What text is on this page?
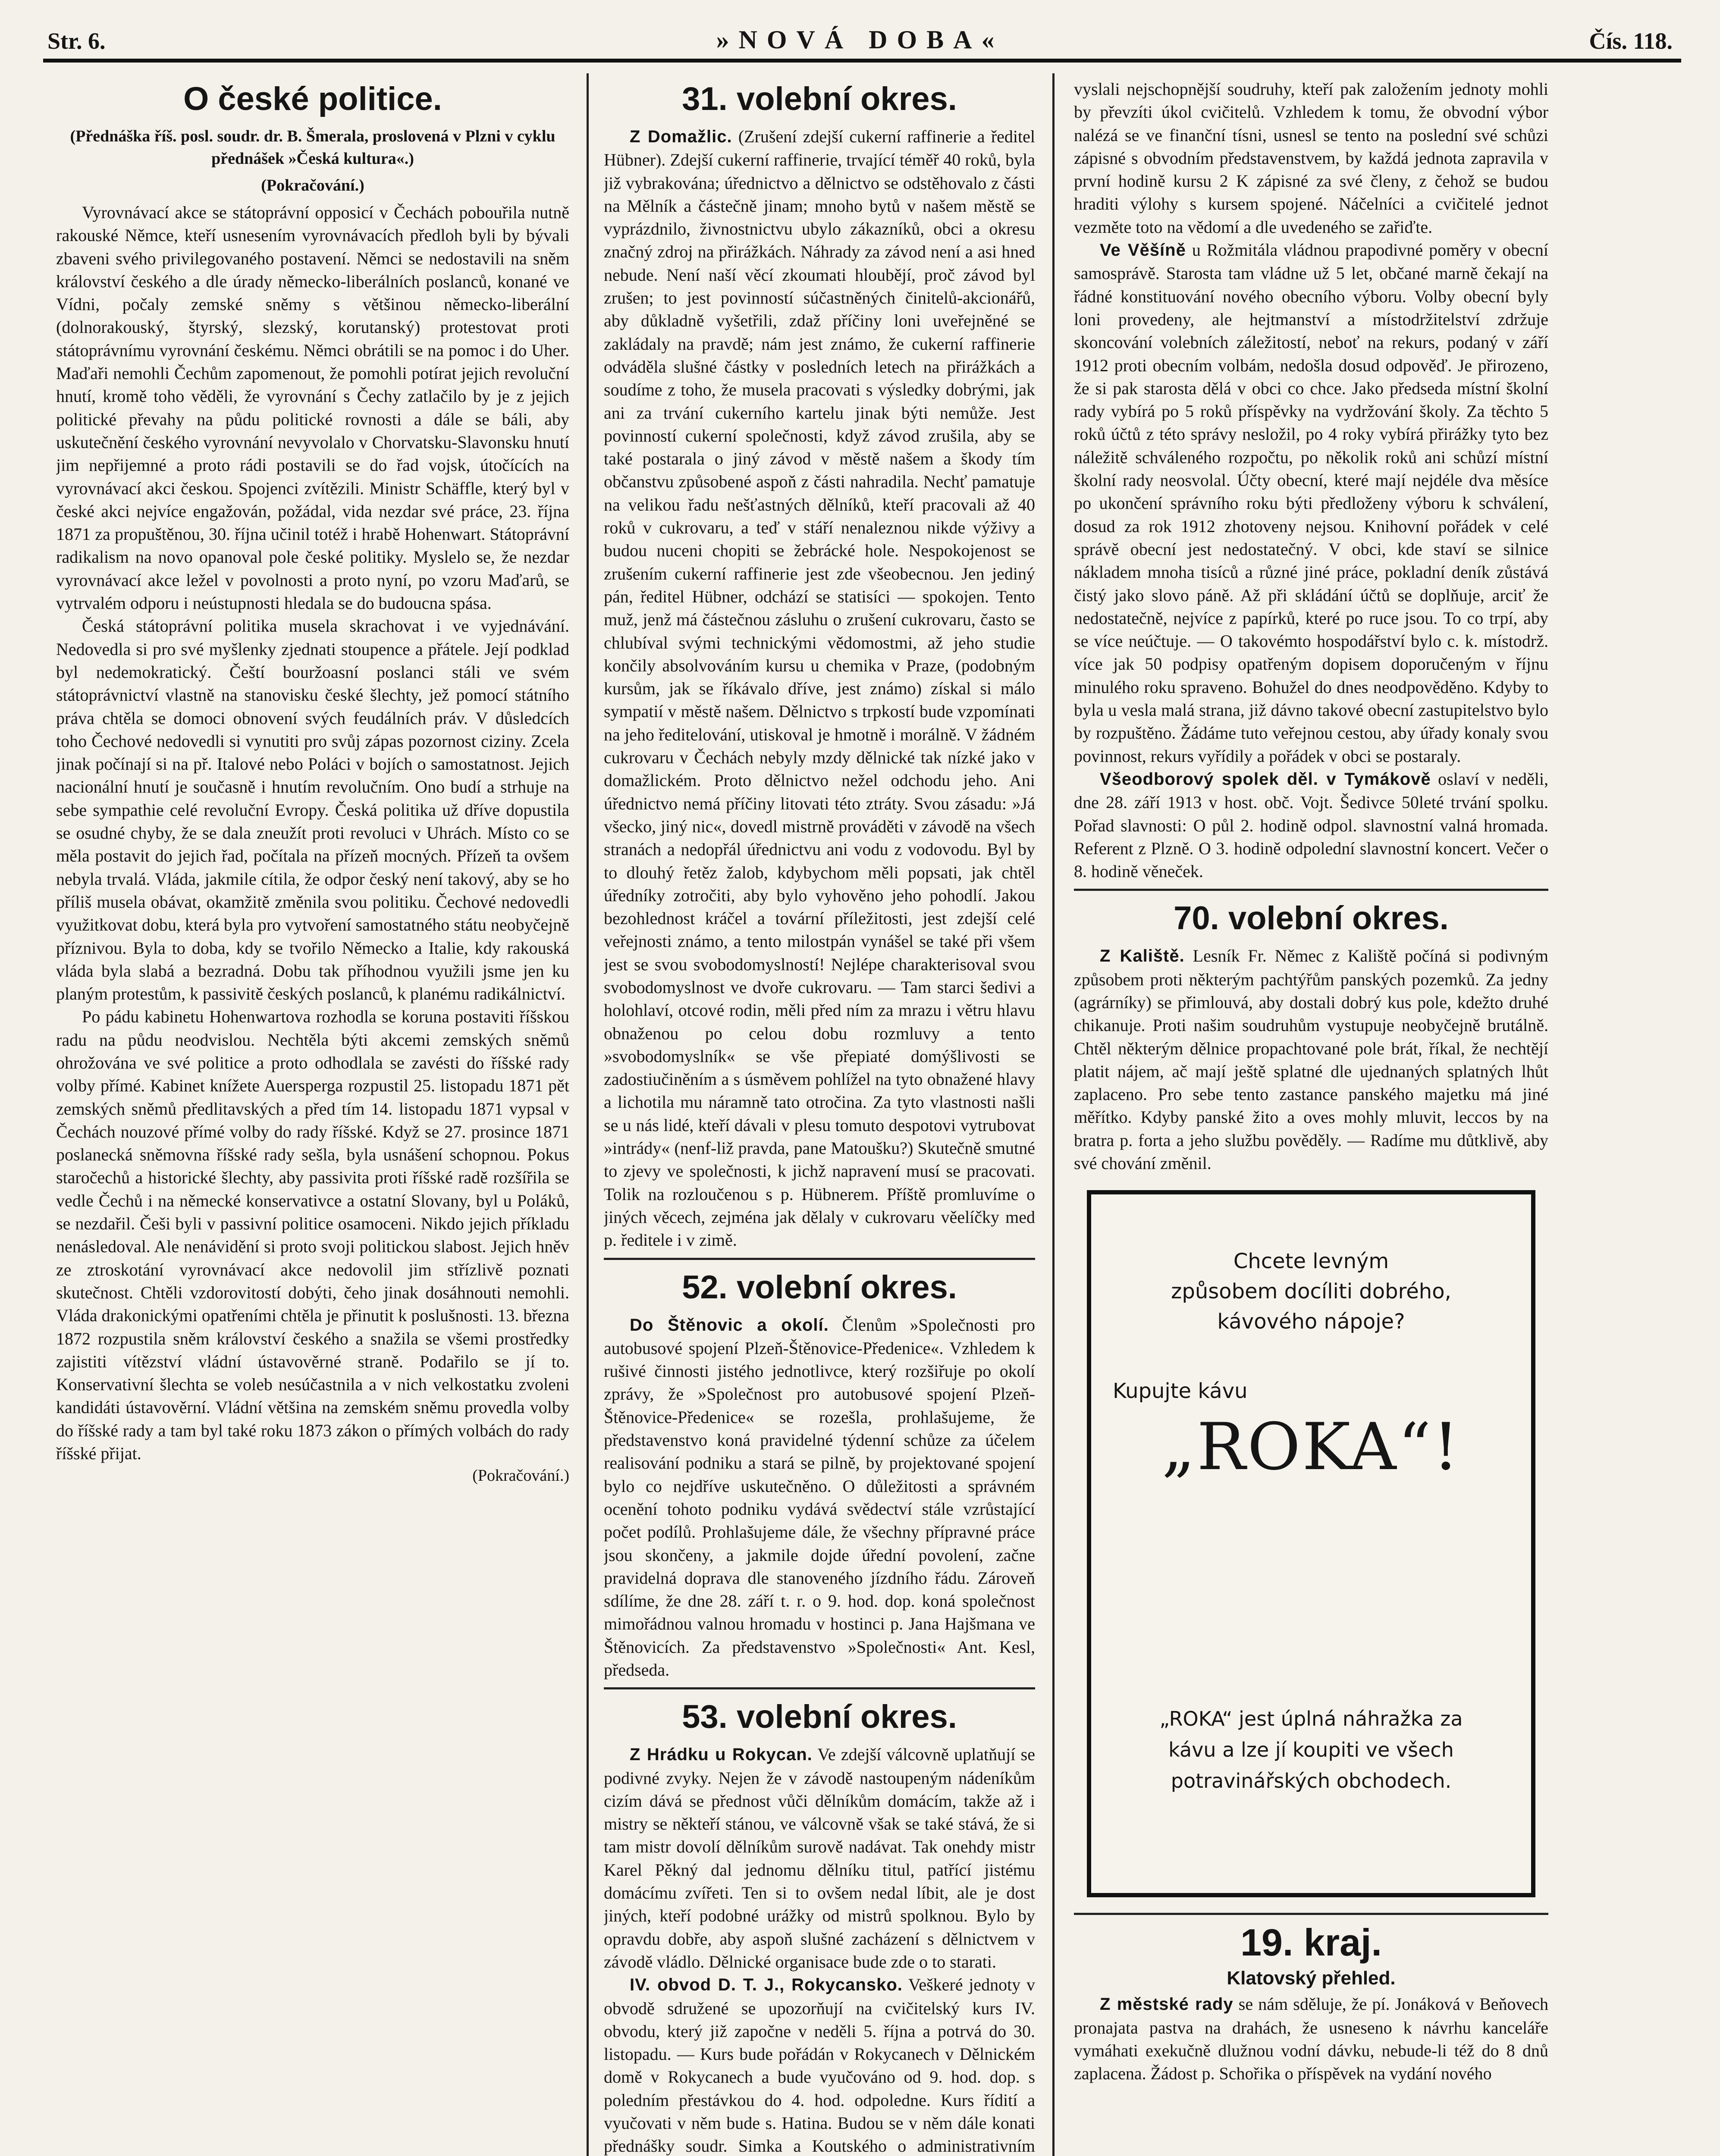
Str. 6.	»NOVÁ DOBA«	Čís. 118.
O české politice.
(Přednáška říš. posl. soudr. dr. B. Šmerala, proslovená v Plzni v cyklu přednášek »Česká kultura«.)
(Pokračování.)

Vyrovnávací akce se státoprávní opposicí v Čechách pobouřila nutně rakouské Němce, kteří usnesením vyrovnávacích předloh byli by bývali zbaveni svého privilegovaného postavení. Němci se nedostavili na sněm království českého a dle úrady německo-liberálních poslanců, konané ve Vídni, počaly zemské sněmy s většinou německo-liberální (dolnorakouský, štyrský, slezský, korutanský) protestovat proti státoprávnímu vyrovnání českému. Němci obrátili se na pomoc i do Uher. Maďaři nemohli Čechům zapomenout, že pomohli potírat jejich revoluční hnutí, kromě toho věděli, že vyrovnání s Čechy zatlačilo by je z jejich politické převahy na půdu politické rovnosti a dále se báli, aby uskutečnění českého vyrovnání nevyvolalo v Chorvatsku-Slavonsku hnutí jim nepřijemné a proto rádi postavili se do řad vojsk, útočících na vyrovnávací akci českou. Spojenci zvítězili. Ministr Schäffle, který byl v české akci nejvíce engažován, požádal, vida nezdar své práce, 23. října 1871 za propuštěnou, 30. října učinil totéž i hrabě Hohenwart. Státoprávní radikalism na novo opanoval pole české politiky. Myslelo se, že nezdar vyrovnávací akce ležel v povolnosti a proto nyní, po vzoru Maďarů, se vytrvalém odporu i neústupnosti hledala se do budoucna spása.

Česká státoprávní politika musela skrachovat i ve vyjednávání. Nedovedla si pro své myšlenky zjednati stoupence a přátele. Její podklad byl nedemokratický. Čeští bouržoasní poslanci stáli ve svém státoprávnictví vlastně na stanovisku české šlechty, jež pomocí státního práva chtěla se domoci obnovení svých feudálních práv. V důsledcích toho Čechové nedovedli si vynutiti pro svůj zápas pozornost ciziny. Zcela jinak počínají si na př. Italové nebo Poláci v bojích o samostatnost. Jejich nacionální hnutí je současně i hnutím revolučním. Ono budí a strhuje na sebe sympathie celé revoluční Evropy. Česká politika už dříve dopustila se osudné chyby, že se dala zneužít proti revoluci v Uhrách. Místo co se měla postavit do jejich řad, počítala na přízeň mocných. Přízeň ta ovšem nebyla trvalá. Vláda, jakmile cítila, že odpor český není takový, aby se ho příliš musela obávat, okamžitě změnila svou politiku. Čechové nedovedli využitkovat dobu, která byla pro vytvoření samostatného státu neobyčejně příznivou. Byla to doba, kdy se tvořilo Německo a Italie, kdy rakouská vláda byla slabá a bezradná. Dobu tak příhodnou využili jsme jen ku planým protestům, k passivitě českých poslanců, k planému radikálnictví.

Po pádu kabinetu Hohenwartova rozhodla se koruna postaviti říšskou radu na půdu neodvislou. Nechtěla býti akcemi zemských sněmů ohrožována ve své politice a proto odhodlala se zavésti do říšské rady volby přímé. Kabinet knížete Auersperga rozpustil 25. listopadu 1871 pět zemských sněmů předlitavských a před tím 14. listopadu 1871 vypsal v Čechách nouzové přímé volby do rady říšské. Když se 27. prosince 1871 poslanecká sněmovna říšské rady sešla, byla usnášení schopnou. Pokus staročechů a historické šlechty, aby passivita proti říšské radě rozšířila se vedle Čechů i na německé konservativce a ostatní Slovany, byl u Poláků, se nezdařil. Češi byli v passivní politice osamoceni. Nikdo jejich příkladu nenásledoval. Ale nenávidění si proto svoji politickou slabost. Jejich hněv ze ztroskotání vyrovnávací akce nedovolil jim střízlivě poznati skutečnost. Chtěli vzdorovitostí dobýti, čeho jinak dosáhnouti nemohli. Vláda drakonickými opatřeními chtěla je přinutit k poslušnosti. 13. března 1872 rozpustila sněm království českého a snažila se všemi prostředky zajistiti vítězství vládní ústavověrné straně. Podařilo se jí to. Konservativní šlechta se voleb nesúčastnila a v nich velkostatku zvoleni kandidáti ústavověrní. Vládní většina na zemském sněmu provedla volby do říšské rady a tam byl také roku 1873 zákon o přímých volbách do rady říšské přijat.

(Pokračování.)
31. volební okres.

Z Domažlic. (Zrušení zdejší cukerní raffinerie a ředitel Hübner). Zdejší cukerní raffinerie, trvající téměř 40 roků, byla již vybrakována; úřednictvo a dělnictvo se odstěhovalo z části na Mělník a částečně jinam; mnoho bytů v našem městě se vyprázdnilo, živnostnictvu ubylo zákazníků, obci a okresu značný zdroj na přirážkách. Náhrady za závod není a asi hned nebude. Není naší věcí zkoumati hloubějí, proč závod byl zrušen; to jest povinností súčastněných činitelů-akcionářů, aby důkladně vyšetřili, zdaž příčiny loni uveřejněné se zakládaly na pravdě; nám jest známo, že cukerní raffinerie odváděla slušné částky v posledních letech na přirážkách a soudíme z toho, že musela pracovati s výsledky dobrými, jak ani za trvání cukerního kartelu jinak býti nemůže. Jest povinností cukerní společnosti, když závod zrušila, aby se také postarala o jiný závod v městě našem a škody tím občanstvu způsobené aspoň z části nahradila. Nechť pamatuje na velikou řadu nešťastných dělníků, kteří pracovali až 40 roků v cukrovaru, a teď v stáří nenaleznou nikde výživy a budou nuceni chopiti se žebrácké hole. Nespokojenost se zrušením cukerní raffinerie jest zde všeobecnou. Jen jediný pán, ředitel Hübner, odchází se statisíci — spokojen. Tento muž, jenž má částečnou zásluhu o zrušení cukrovaru, často se chlubíval svými technickými vědomostmi, až jeho studie končily absolvováním kursu u chemika v Praze, (podobným kursům, jak se říkávalo dříve, jest známo) získal si málo sympatií v městě našem. Dělnictvo s trpkostí bude vzpomínati na jeho ředitelování, utiskoval je hmotně i morálně. V žádném cukrovaru v Čechách nebyly mzdy dělnické tak nízké jako v domažlickém. Proto dělnictvo nežel odchodu jeho. Ani úřednictvo nemá příčiny litovati této ztráty. Svou zásadu: »Já všecko, jiný nic«, dovedl mistrně prováděti v závodě na všech stranách a nedopřál úřednictvu ani vodu z vodovodu. Byl by to dlouhý řetěz žalob, kdybychom měli popsati, jak chtěl úředníky zotročiti, aby bylo vyhověno jeho pohodlí. Jakou bezohlednost kráčel a tovární příležitosti, jest zdejší celé veřejnosti známo, a tento milostpán vynášel se také při všem jest se svou svobodomyslností! Nejlépe charakterisoval svou svobodomyslnost ve dvoře cukrovaru. — Tam starci šedivi a holohlaví, otcové rodin, měli před ním za mrazu i větru hlavu obnaženou po celou dobu rozmluvy a tento »svobodomyslník« se vše přepiaté domýšlivosti se zadostiučiněním a s úsměvem pohlížel na tyto obnažené hlavy a lichotila mu náramně tato otročina. Za tyto vlastnosti našli se u nás lidé, kteří dávali v plesu tomuto despotovi vytrubovat »intrády« (nenf-liž pravda, pane Matoušku?) Skutečně smutné to zjevy ve společnosti, k jichž napravení musí se pracovati. Tolik na rozloučenou s p. Hübnerem. Příště promluvíme o jiných věcech, zejména jak dělaly v cukrovaru věelíčky med p. ředitele i v zimě.

52. volební okres.

Do Štěnovic a okolí. Členům »Společnosti pro autobusové spojení Plzeň-Štěnovice-Předenice«. Vzhledem k rušivé činnosti jistého jednotlivce, který rozšiřuje po okolí zprávy, že »Společnost pro autobusové spojení Plzeň-Štěnovice-Předenice« se rozešla, prohlašujeme, že představenstvo koná pravidelné týdenní schůze za účelem realisování podniku a stará se pilně, by projektované spojení bylo co nejdříve uskutečněno. O důležitosti a správném ocenění tohoto podniku vydává svědectví stále vzrůstající počet podílů. Prohlašujeme dále, že všechny přípravné práce jsou skončeny, a jakmile dojde úřední povolení, začne pravidelná doprava dle stanoveného jízdního řádu. Zároveň sdílíme, že dne 28. září t. r. o 9. hod. dop. koná společnost mimořádnou valnou hromadu v hostinci p. Jana Hajšmana ve Štěnovicích. Za představenstvo »Společnosti« Ant. Kesl, předseda.

53. volební okres.

Z Hrádku u Rokycan. Ve zdejší válcovně uplatňují se podivné zvyky. Nejen že v závodě nastoupeným nádeníkům cizím dává se přednost vůči dělníkům domácím, takže až i mistry se někteří stánou, ve válcovně však se také stává, že si tam mistr dovolí dělníkům surově nadávat. Tak onehdy mistr Karel Pěkný dal jednomu dělníku titul, patřící jistému domácímu zvířeti. Ten si to ovšem nedal líbit, ale je dost jiných, kteří podobné urážky od mistrů spolknou. Bylo by opravdu dobře, aby aspoň slušné zacházení s dělnictvem v závodě vládlo. Dělnické organisace bude zde o to starati.

IV. obvod D. T. J., Rokycansko. Veškeré jednoty v obvodě sdružené se upozorňují na cvičitelský kurs IV. obvodu, který již započne v neděli 5. října a potrvá do 30. listopadu. — Kurs bude pořádán v Rokycanech v Dělnickém domě v Rokycanech a bude vyučováno od 9. hod. dop. s poledním přestávkou do 4. hod. odpoledne. Kurs řídití a vyučovati v něm bude s. Hatina. Budou se v něm dále konati přednášky soudr. Simka a Koutského o administrativním

vyslali nejschopnější soudruhy, kteří pak založením jednoty mohli by převzíti úkol cvičitelů. Vzhledem k tomu, že obvodní výbor nalézá se ve finanční tísni, usnesl se tento na poslední své schůzi zápisné s obvodním představenstvem, by každá jednota zapravila v první hodině kursu 2 K zápisné za své členy, z čehož se budou hraditi výlohy s kursem spojené. Náčelníci a cvičitelé jednot vezměte toto na vědomí a dle uvedeného se zařiďte.

Ve Věšíně u Rožmitála vládnou prapodivné poměry v obecní samosprávě. Starosta tam vládne už 5 let, občané marně čekají na řádné konstituování nového obecního výboru. Volby obecní byly loni provedeny, ale hejtmanství a místodržitelství zdržuje skoncování volebních záležitostí, neboť na rekurs, podaný v září 1912 proti obecním volbám, nedošla dosud odpověď. Je přirozeno, že si pak starosta dělá v obci co chce. Jako předseda místní školní rady vybírá po 5 roků příspěvky na vydržování školy. Za těchto 5 roků účtů z této správy nesložil, po 4 roky vybírá přirážky tyto bez náležitě schváleného rozpočtu, po několik roků ani schůzí místní školní rady neosvolal. Účty obecní, které mají nejdéle dva měsíce po ukončení správního roku býti předloženy výboru k schválení, dosud za rok 1912 zhotoveny nejsou. Knihovní pořádek v celé správě obecní jest nedostatečný. V obci, kde staví se silnice nákladem mnoha tisíců a různé jiné práce, pokladní deník zůstává čistý jako slovo páně. Až při skládání účtů se doplňuje, arciť že nedostatečně, nejvíce z papírků, které po ruce jsou. To co trpí, aby se více neúčtuje. — O takovémto hospodářství bylo c. k. místodrž. více jak 50 podpisy opatřeným dopisem doporučeným v říjnu minulého roku spraveno. Bohužel do dnes neodpověděno. Kdyby to byla u vesla malá strana, již dávno takové obecní zastupitelstvo bylo by rozpuštěno. Žádáme tuto veřejnou cestou, aby úřady konaly svou povinnost, rekurs vyřídily a pořádek v obci se postaraly.

Všeodborový spolek děl. v Tymákově oslaví v neděli, dne 28. září 1913 v host. obč. Vojt. Šedivce 50leté trvání spolku. Pořad slavnosti: O půl 2. hodině odpol. slavnostní valná hromada. Referent z Plzně. O 3. hodině odpolední slavnostní koncert. Večer o 8. hodině věneček.

70. volební okres.

Z Kaliště. Lesník Fr. Němec z Kaliště počíná si podivným způsobem proti některým pachtýřům panských pozemků. Za jedny (agrárníky) se přimlouvá, aby dostali dobrý kus pole, kdežto druhé chikanuje. Proti našim soudruhům vystupuje neobyčejně brutálně. Chtěl některým dělnice propachtované pole brát, říkal, že nechtějí platit nájem, ač mají ještě splatné dle ujednaných splatných lhůt zaplaceno. Pro sebe tento zastance panského majetku má jiné měřítko. Kdyby panské žito a oves mohly mluvit, leccos by na bratra p. forta a jeho službu pověděly. — Radíme mu důtklivě, aby své chování změnil.

Chcete levným
způsobem docíliti dobrého,
kávového nápoje?
Kupujte kávu
„ROKA“!
„ROKA“ jest úplná náhražka za
kávu a lze jí koupiti ve všech
potravinářských obchodech.
19. kraj.
Klatovský přehled.

Z městské rady se nám sděluje, že pí. Jonáková v Beňovech pronajata pastva na drahách, že usneseno k návrhu kanceláře vymáhati exekučně dlužnou vodní dávku, nebude-li též do 8 dnů zaplacena. Žádost p. Schořika o příspěvek na vydání nového
